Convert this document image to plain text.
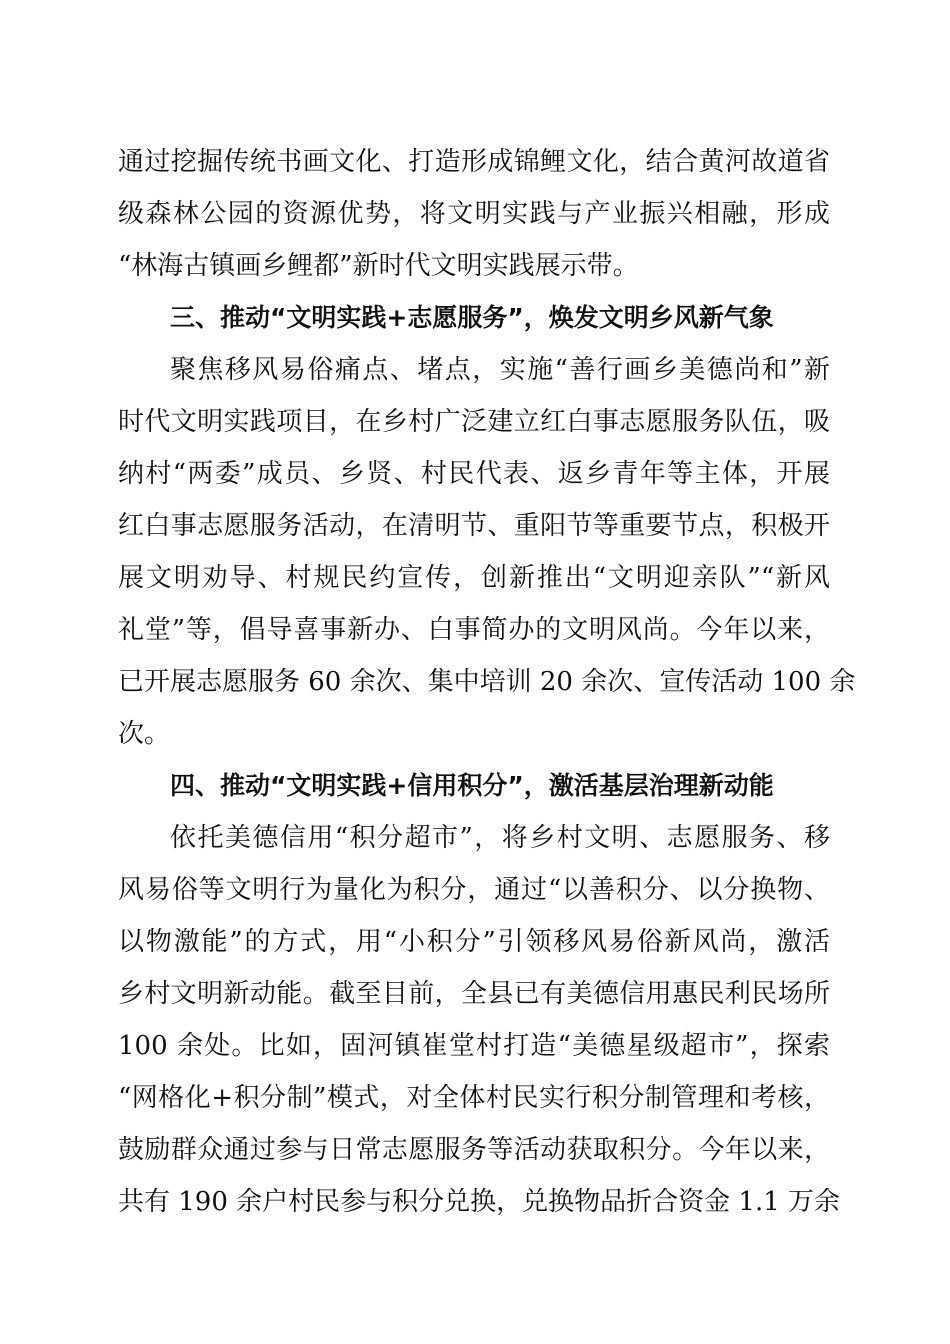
通过挖掘传统书画文化、打造形成锦鲤文化，结合黄河故道省
级森林公园的资源优势，将文明实践与产业振兴相融，形成
“林海古镇画乡鲤都”新时代文明实践展示带。
三、推动“文明实践+志愿服务”，焕发文明乡风新气象
聚焦移风易俗痛点、堵点，实施“善行画乡美德尚和”新
时代文明实践项目，在乡村广泛建立红白事志愿服务队伍，吸
纳村“两委”成员、乡贤、村民代表、返乡青年等主体，开展
红白事志愿服务活动，在清明节、重阳节等重要节点，积极开
展文明劝导、村规民约宣传，创新推出“文明迎亲队”“新风
礼堂”等，倡导喜事新办、白事简办的文明风尚。今年以来，
已开展志愿服务 60 余次、集中培训 20 余次、宣传活动 100 余
次。
四、推动“文明实践+信用积分”，激活基层治理新动能
依托美德信用“积分超市”，将乡村文明、志愿服务、移
风易俗等文明行为量化为积分，通过“以善积分、以分换物、
以物激能”的方式，用“小积分”引领移风易俗新风尚，激活
乡村文明新动能。截至目前，全县已有美德信用惠民利民场所
100 余处。比如，固河镇崔堂村打造“美德星级超市”，探索
“网格化+积分制”模式，对全体村民实行积分制管理和考核，
鼓励群众通过参与日常志愿服务等活动获取积分。今年以来，
共有 190 余户村民参与积分兑换，兑换物品折合资金 1.1 万余
